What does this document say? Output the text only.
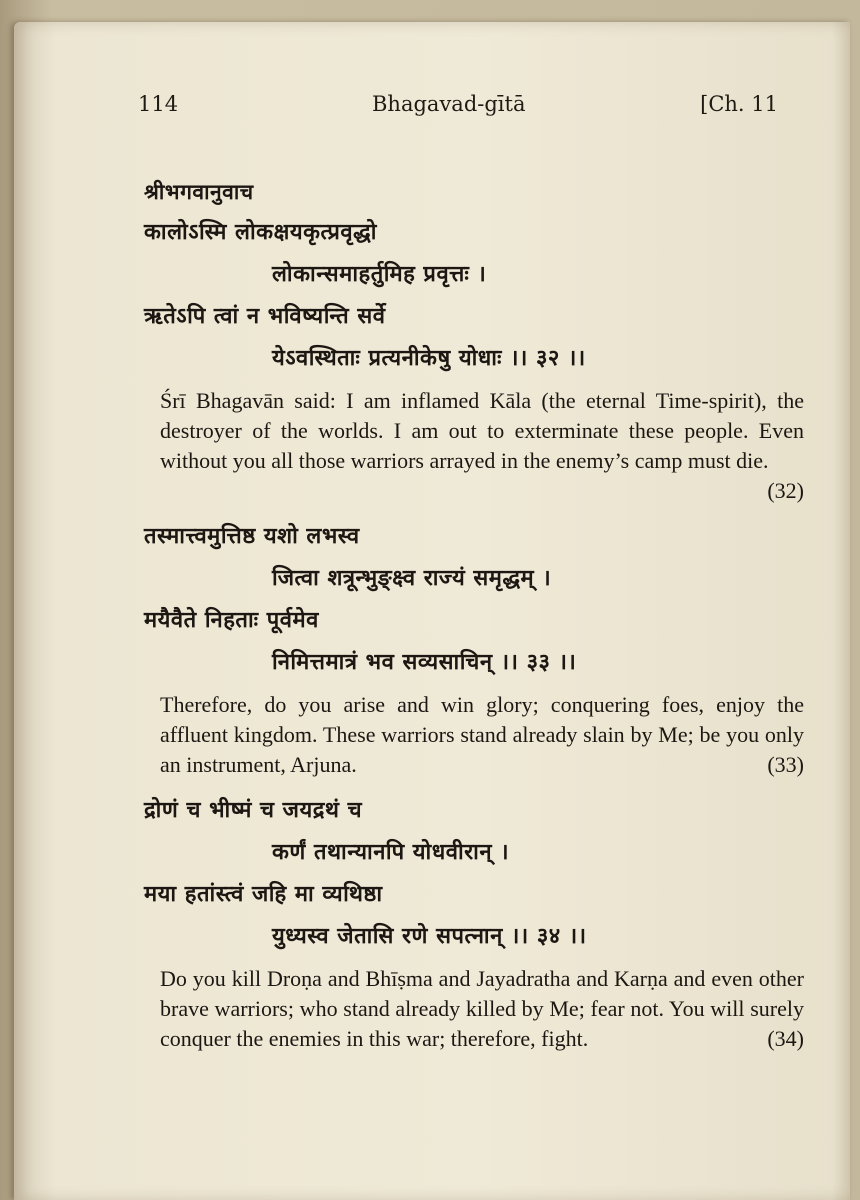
114	Bhagavad-gītā	[Ch. 11
श्रीभगवानुवाच
कालोऽस्मि लोकक्षयकृत्प्रवृद्धो
लोकान्समाहर्तुमिह प्रवृत्तः ।
ऋतेऽपि त्वां न भविष्यन्ति सर्वे
येऽवस्थिताः प्रत्यनीकेषु योधाः ।। ३२ ।।
Śrī Bhagavān said: I am inflamed Kāla (the eternal Time-spirit), the destroyer of the worlds. I am out to exterminate these people. Even without you all those warriors arrayed in the enemy’s camp must die.
(32)
तस्मात्त्वमुत्तिष्ठ यशो लभस्व
जित्वा शत्रून्भुङ्क्ष्व राज्यं समृद्धम् ।
मयैवैते निहताः पूर्वमेव
निमित्तमात्रं भव सव्यसाचिन् ।। ३३ ।।
Therefore, do you arise and win glory; conquering foes, enjoy the affluent kingdom. These warriors stand already slain by Me; be you only an instrument, Arjuna.	(33)
द्रोणं च भीष्मं च जयद्रथं च
कर्णं तथान्यानपि योधवीरान् ।
मया हतांस्त्वं जहि मा व्यथिष्ठा
युध्यस्व जेतासि रणे सपत्नान् ।। ३४ ।।
Do you kill Droṇa and Bhīṣma and Jayadratha and Karṇa and even other brave warriors; who stand already killed by Me; fear not. You will surely conquer the enemies in this war; therefore, fight.	(34)
